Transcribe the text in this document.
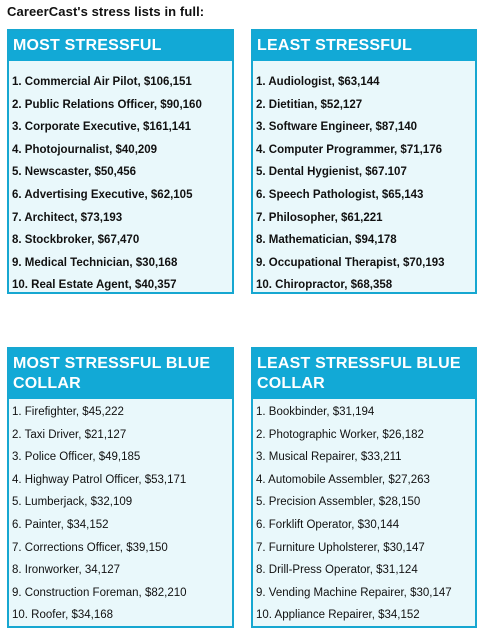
CareerCast's stress lists in full:
MOST STRESSFUL
1. Commercial Air Pilot, $106,151
2. Public Relations Officer, $90,160
3. Corporate Executive, $161,141
4. Photojournalist, $40,209
5. Newscaster, $50,456
6. Advertising Executive, $62,105
7. Architect, $73,193
8. Stockbroker, $67,470
9. Medical Technician, $30,168
10. Real Estate Agent, $40,357
LEAST STRESSFUL
1. Audiologist, $63,144
2. Dietitian, $52,127
3. Software Engineer, $87,140
4. Computer Programmer, $71,176
5. Dental Hygienist, $67.107
6. Speech Pathologist, $65,143
7. Philosopher, $61,221
8. Mathematician, $94,178
9. Occupational Therapist, $70,193
10. Chiropractor, $68,358
MOST STRESSFUL BLUE COLLAR
1. Firefighter, $45,222
2. Taxi Driver, $21,127
3. Police Officer, $49,185
4. Highway Patrol Officer, $53,171
5. Lumberjack, $32,109
6. Painter, $34,152
7. Corrections Officer, $39,150
8. Ironworker, 34,127
9. Construction Foreman, $82,210
10. Roofer, $34,168
LEAST STRESSFUL BLUE COLLAR
1. Bookbinder, $31,194
2. Photographic Worker, $26,182
3. Musical Repairer, $33,211
4. Automobile Assembler, $27,263
5. Precision Assembler, $28,150
6. Forklift Operator, $30,144
7. Furniture Upholsterer, $30,147
8. Drill-Press Operator, $31,124
9. Vending Machine Repairer, $30,147
10. Appliance Repairer, $34,152
